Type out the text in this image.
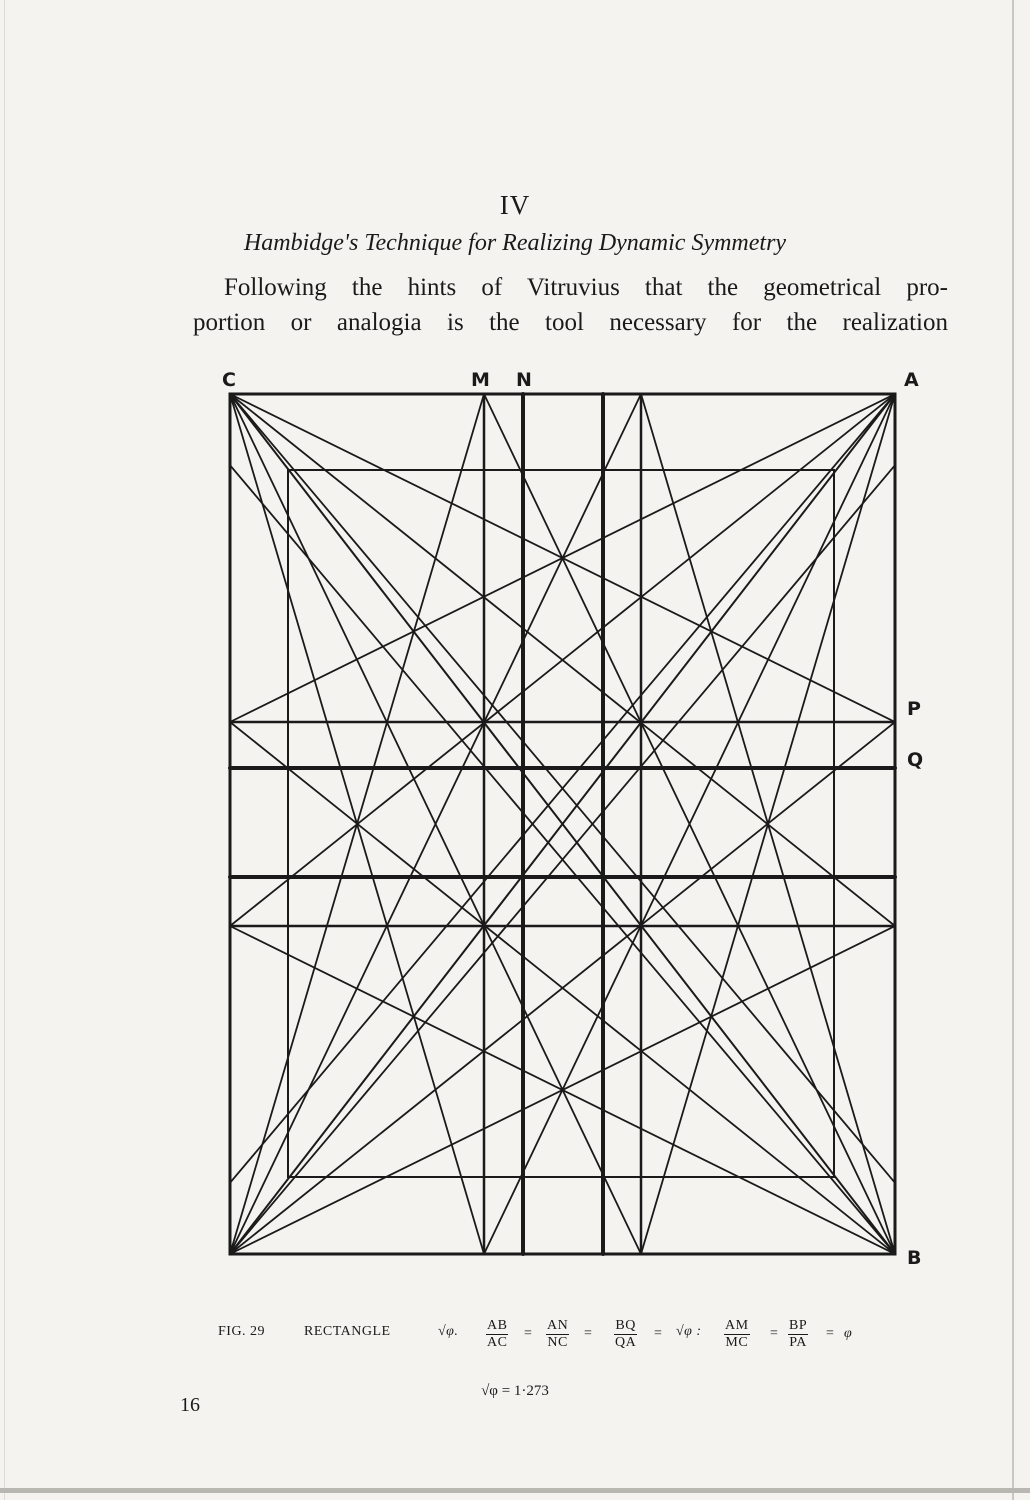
IV
Hambidge's Technique for Realizing Dynamic Symmetry
Following the hints of Vitruvius that the geometrical pro-
portion or analogia is the tool necessary for the realization
C	M N	A
P
Q
B
FIG. 29	RECTANGLE	√φ. $\frac{AB}{AC} = \frac{AN}{NC} = \frac{BQ}{QA} = √\varphi$ : $\frac{AM}{MC} = \frac{BP}{PA} = \varphi$
√φ = 1·273
16
